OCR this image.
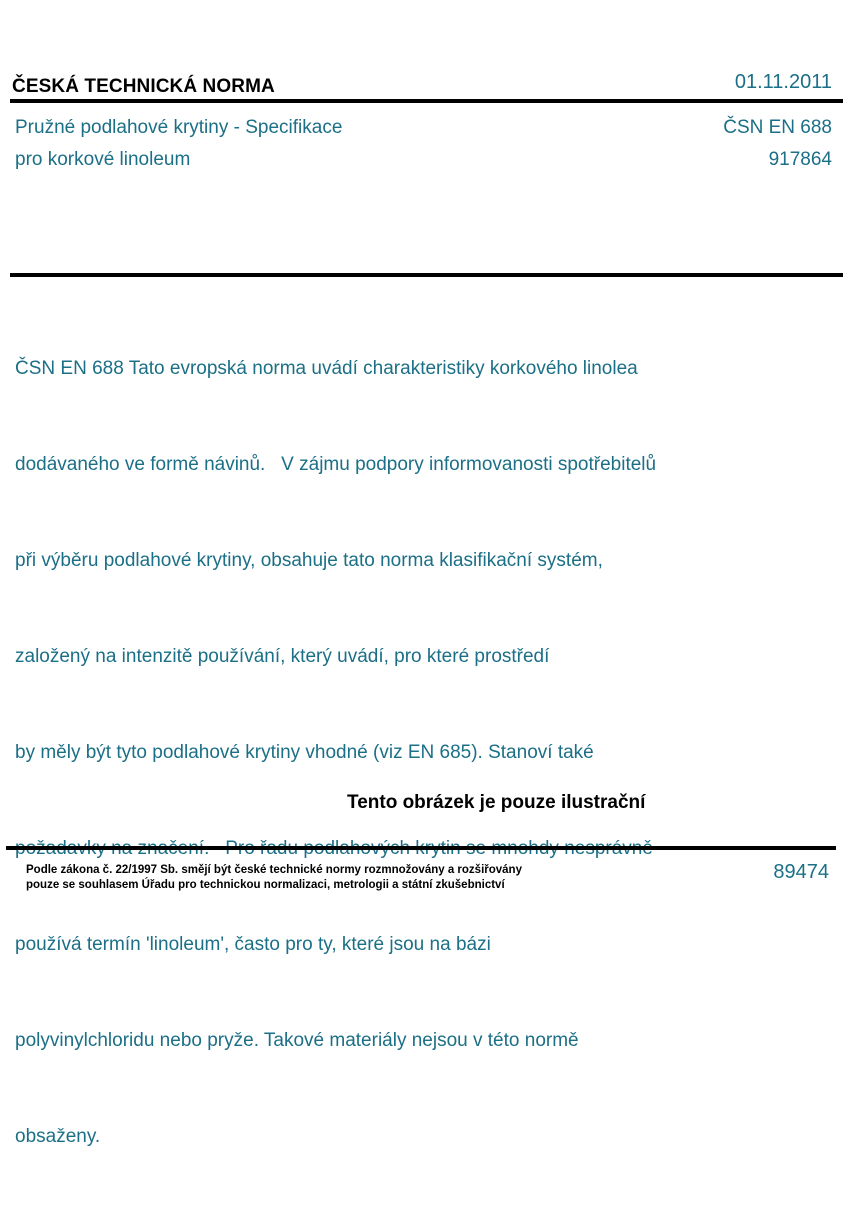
ČESKÁ TECHNICKÁ NORMA	01.11.2011
Pružné podlahové krytiny - Specifikace
pro korkové linoleum
ČSN EN 688
917864

ČSN EN 688 Tato evropská norma uvádí charakteristiky korkového linolea

dodávaného ve formě návinů.   V zájmu podpory informovanosti spotřebitelů

při výběru podlahové krytiny, obsahuje tato norma klasifikační systém,

založený na intenzitě používání, který uvádí, pro které prostředí

by měly být tyto podlahové krytiny vhodné (viz EN 685). Stanoví také

používá termín 'linoleum', často pro ty, které jsou na bázi

polyvinylchloridu nebo pryže. Takové materiály nejsou v této normě

obsaženy.

Tento obrázek je pouze ilustrační
Podle zákona č. 22/1997 Sb. smějí být české technické normy rozmnožovány a rozšiřovány
pouze se souhlasem Úřadu pro technickou normalizaci, metrologii a státní zkušebnictví
89474
